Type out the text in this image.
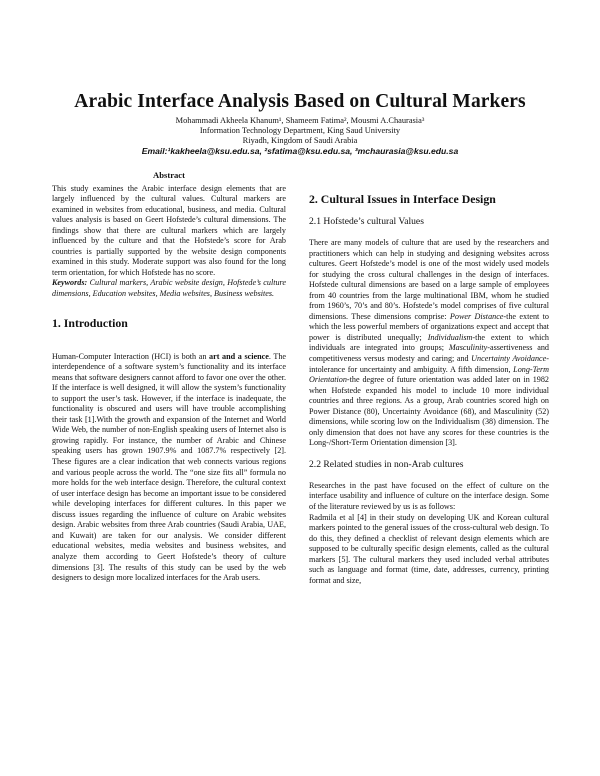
Arabic Interface Analysis Based on Cultural Markers
Mohammadi Akheela Khanum¹, Shameem Fatima², Mousmi A.Chaurasia³
Information Technology Department, King Saud University
Riyadh, Kingdom of Saudi Arabia
Email:¹kakheela@ksu.edu.sa, ²sfatima@ksu.edu.sa, ³mchaurasia@ksu.edu.sa
Abstract

This study examines the Arabic interface design elements that are largely influenced by the cultural values. Cultural markers are examined in websites from educational, business, and media. Cultural values analysis is based on Geert Hofstede’s cultural dimensions. The findings show that there are cultural markers which are largely influenced by the culture and that the Hofstede’s score for Arab countries is partially supported by the website design components examined in this study. Moderate support was also found for the long term orientation, for which Hofstede has no score.

Keywords: Cultural markers, Arabic website design, Hofstede’s culture dimensions, Education websites, Media websites, Business websites.

1. Introduction

Human-Computer Interaction (HCI) is both an art and a science. The interdependence of a software system’s functionality and its interface means that software designers cannot afford to favor one over the other. If the interface is well designed, it will allow the system’s functionality to support the user’s task. However, if the interface is inadequate, the functionality is obscured and users will have trouble accomplishing their task [1].With the growth and expansion of the Internet and World Wide Web, the number of non-English speaking users of Internet also is growing rapidly. For instance, the number of Arabic and Chinese speaking users has grown 1907.9% and 1087.7% respectively [2]. These figures are a clear indication that web connects various regions and various people across the world. The “one size fits all” formula no more holds for the web interface design. Therefore, the cultural context of user interface design has become an important issue to be considered while developing interfaces for different cultures. In this paper we discuss issues regarding the influence of culture on Arabic websites design. Arabic websites from three Arab countries (Saudi Arabia, UAE, and Kuwait) are taken for our analysis. We consider different educational websites, media websites and business websites, and analyze them according to Geert Hofstede’s theory of culture dimensions [3]. The results of this study can be used by the web designers to design more localized interfaces for the Arab users.

2. Cultural Issues in Interface Design
2.1 Hofstede’s cultural Values

There are many models of culture that are used by the researchers and practitioners which can help in studying and designing websites across cultures. Geert Hofstede’s model is one of the most widely used models for studying the cross cultural challenges in the design of interfaces. Hofstede cultural dimensions are based on a large sample of employees from 40 countries from the large multinational IBM, whom he studied from 1960’s, 70’s and 80’s. Hofstede’s model comprises of five cultural dimensions. These dimensions comprise: Power Distance-the extent to which the less powerful members of organizations expect and accept that power is distributed unequally; Individualism-the extent to which individuals are integrated into groups; Masculinity-assertiveness and competitiveness versus modesty and caring; and Uncertainty Avoidance-intolerance for uncertainty and ambiguity. A fifth dimension, Long-Term Orientation-the degree of future orientation was added later on in 1982 when Hofstede expanded his model to include 10 more individual countries and three regions. As a group, Arab countries scored high on Power Distance (80), Uncertainty Avoidance (68), and Masculinity (52) dimensions, while scoring low on the Individualism (38) dimension. The only dimension that does not have any scores for these countries is the Long-/Short-Term Orientation dimension [3].

2.2 Related studies in non-Arab cultures

Researches in the past have focused on the effect of culture on the interface usability and influence of culture on the interface design. Some of the literature reviewed by us is as follows:

Radmila et al [4] in their study on developing UK and Korean cultural markers pointed to the general issues of the cross-cultural web design. To do this, they defined a checklist of relevant design elements which are supposed to be culturally specific design elements, called as the cultural markers [5]. The cultural markers they used included verbal attributes such as language and format (time, date, addresses, currency, printing format and size,
